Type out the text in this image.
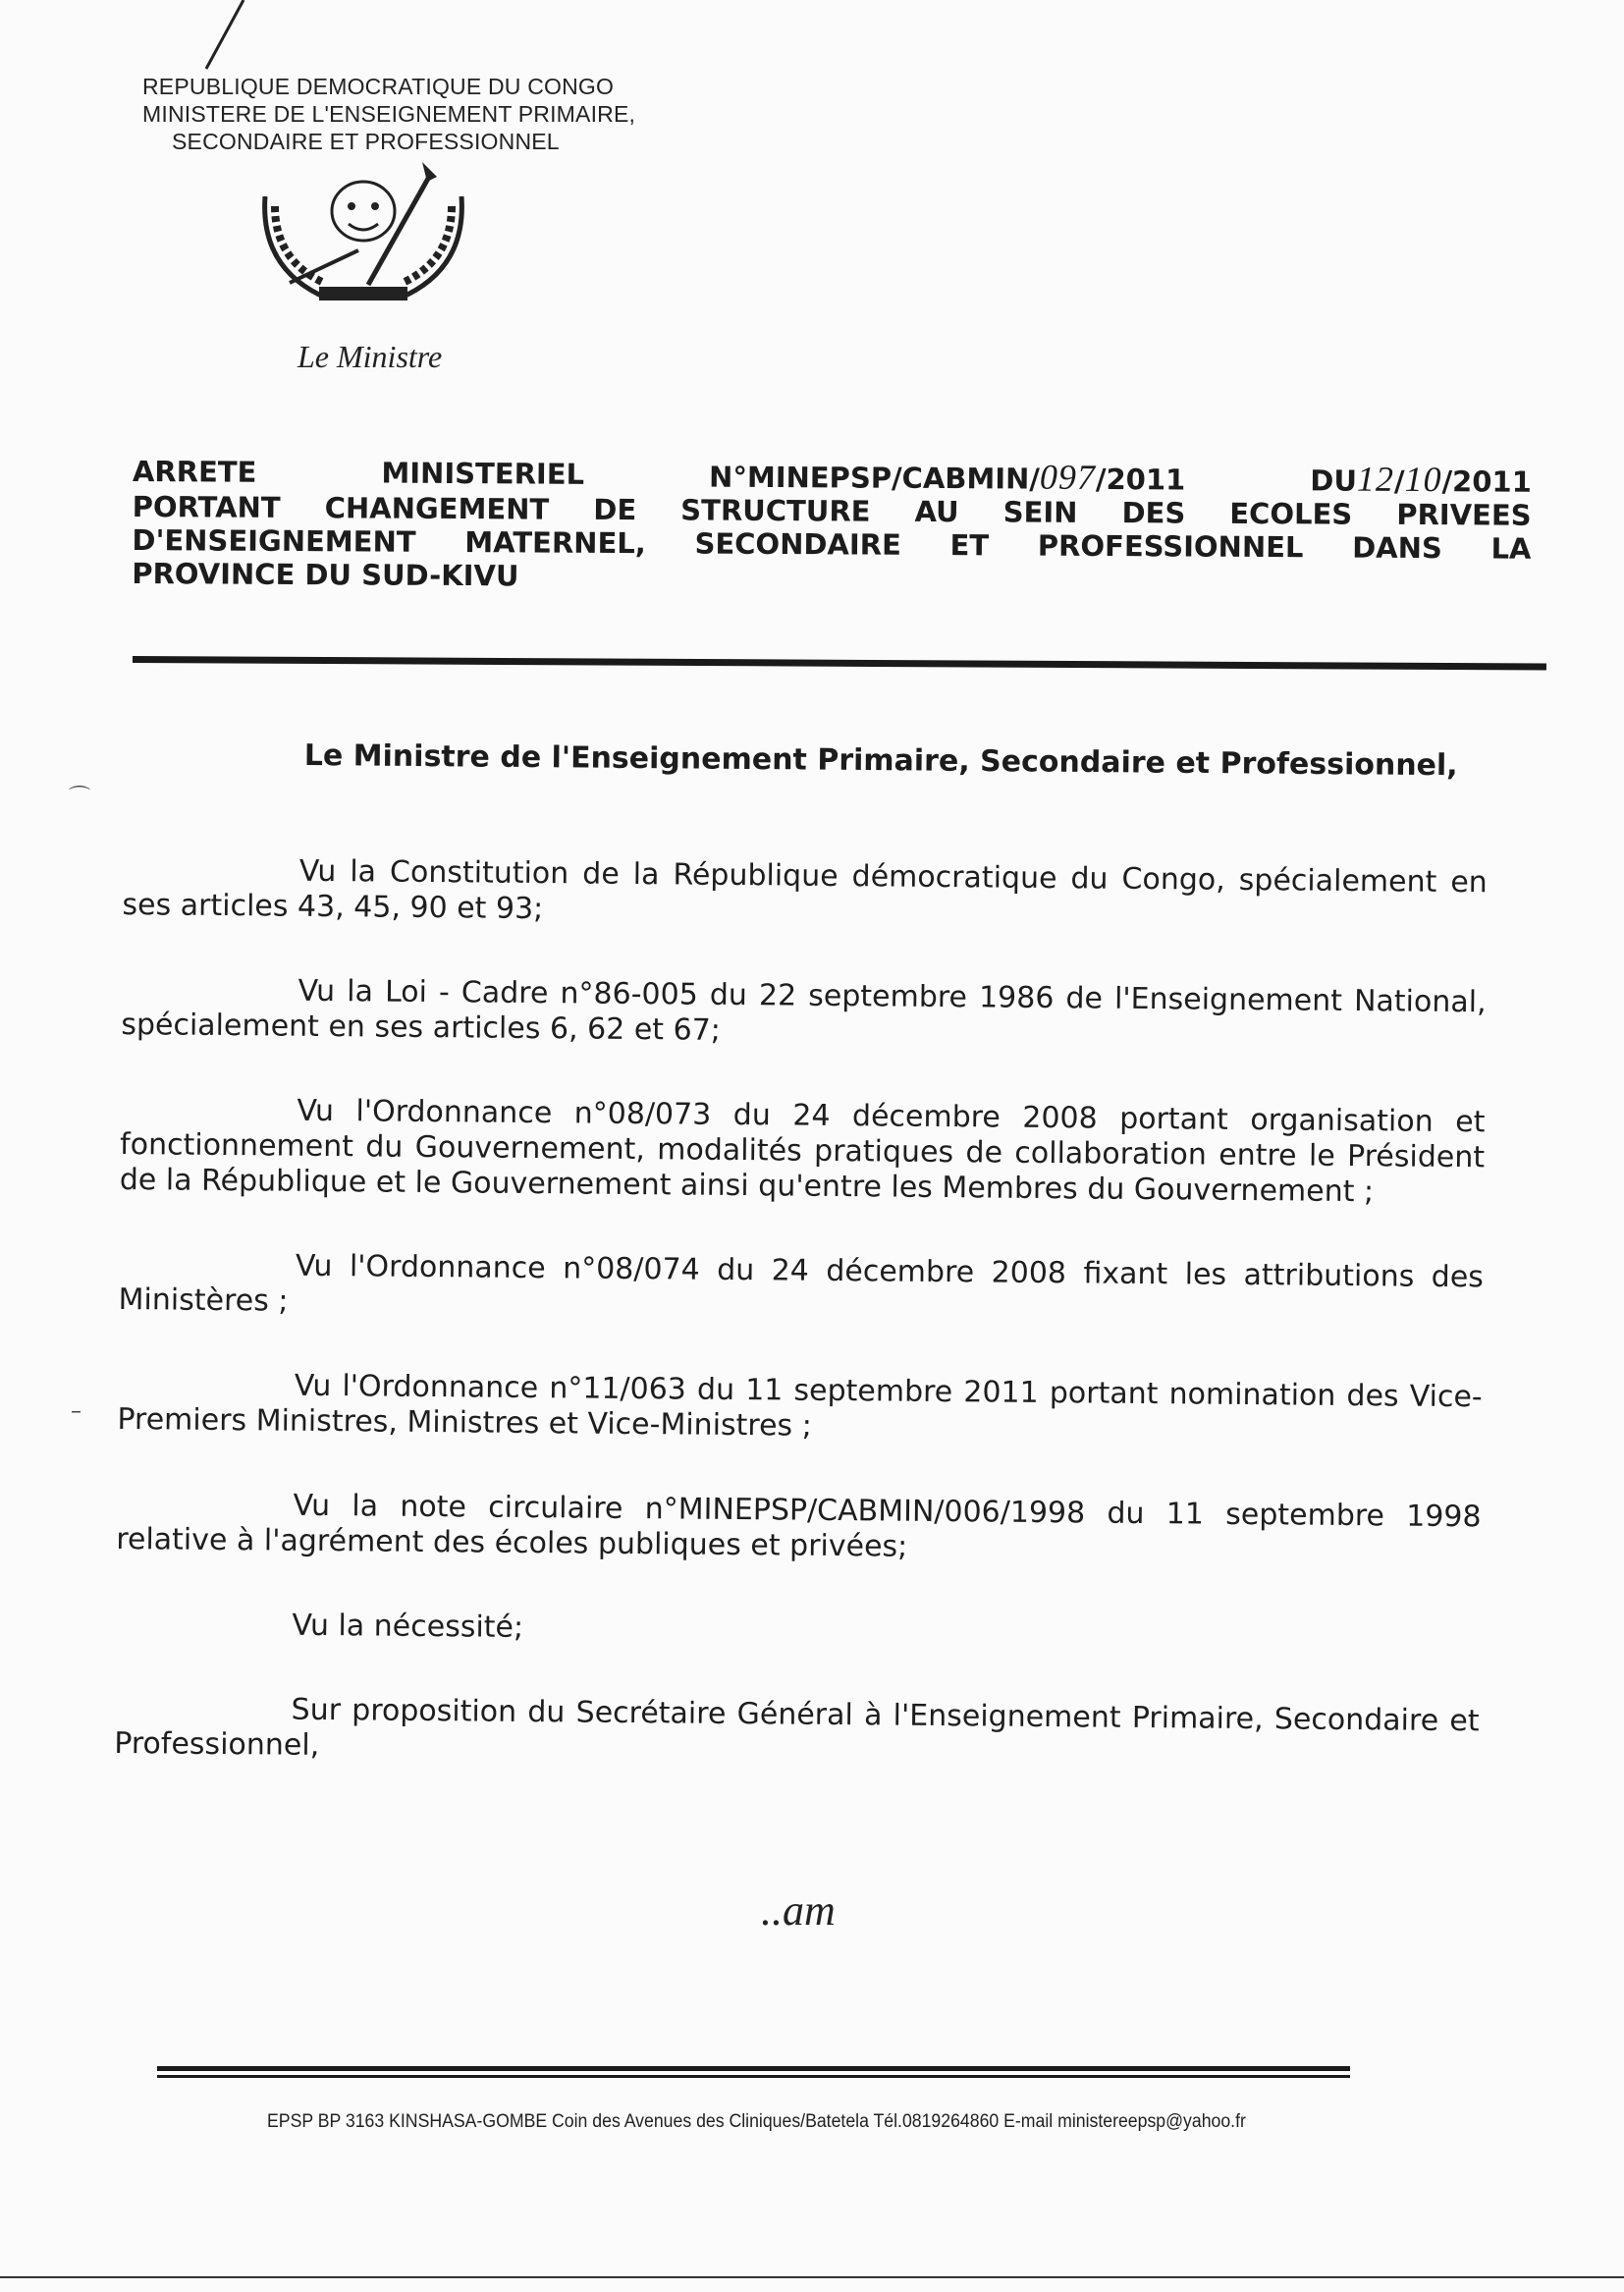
REPUBLIQUE DEMOCRATIQUE DU CONGO
MINISTERE DE L'ENSEIGNEMENT PRIMAIRE,
SECONDAIRE ET PROFESSIONNEL
Le Ministre
ARRETE	MINISTERIEL	N°MINEPSP/CABMIN/097/2011	DU12/10/2011
PORTANT CHANGEMENT DE STRUCTURE AU SEIN DES ECOLES PRIVEES
D'ENSEIGNEMENT MATERNEL, SECONDAIRE ET PROFESSIONNEL DANS LA
PROVINCE DU SUD-KIVU
Le Ministre de l'Enseignement Primaire, Secondaire et Professionnel,

Vu la Constitution de la République démocratique du Congo, spécialement en ses articles 43, 45, 90 et 93;

Vu la Loi - Cadre n°86-005 du 22 septembre 1986 de l'Enseignement National, spécialement en ses articles 6, 62 et 67;

Vu l'Ordonnance n°08/073 du 24 décembre 2008 portant organisation et fonctionnement du Gouvernement, modalités pratiques de collaboration entre le Président de la République et le Gouvernement ainsi qu'entre les Membres du Gouvernement ;

Vu l'Ordonnance n°08/074 du 24 décembre 2008 fixant les attributions des Ministères ;

Vu l'Ordonnance n°11/063 du 11 septembre 2011 portant nomination des Vice-Premiers Ministres, Ministres et Vice-Ministres ;

Vu la note circulaire n°MINEPSP/CABMIN/006/1998 du 11 septembre 1998 relative à l'agrément des écoles publiques et privées;

Vu la nécessité;

Sur proposition du Secrétaire Général à l'Enseignement Primaire, Secondaire et Professionnel,

..am
EPSP BP 3163 KINSHASA-GOMBE Coin des Avenues des Cliniques/Batetela Tél.0819264860 E-mail ministereepsp@yahoo.fr
⌒
–
